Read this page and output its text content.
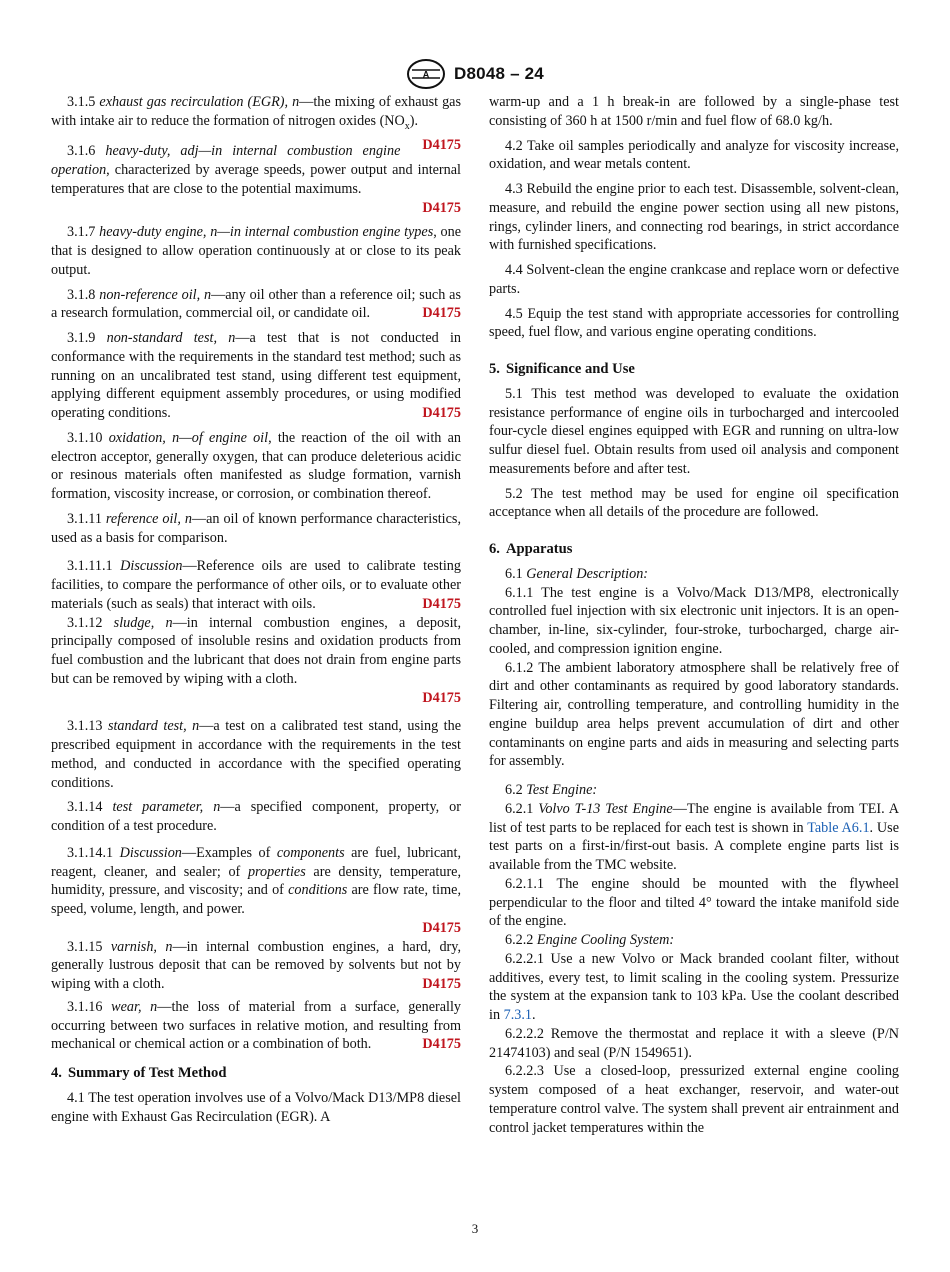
A D8048 – 24

3.1.5 exhaust gas recirculation (EGR), n—the mixing of exhaust gas with intake air to reduce the formation of nitrogen oxides $(NO_x)$.
D4175

3.1.6 heavy-duty, adj—in internal combustion engine operation, characterized by average speeds, power output and internal temperatures that are close to the potential maximums.

D4175

3.1.7 heavy-duty engine, n—in internal combustion engine types, one that is designed to allow operation continuously at or close to its peak output.

3.1.8 non-reference oil, n—any oil other than a reference oil; such as a research formulation, commercial oil, or candidate oil.	D4175

3.1.9 non-standard test, n—a test that is not conducted in conformance with the requirements in the standard test method; such as running on an uncalibrated test stand, using different test equipment, applying different equipment assembly procedures, or using modified operating conditions.	D4175

3.1.10 oxidation, n—of engine oil, the reaction of the oil with an electron acceptor, generally oxygen, that can produce deleterious acidic or resinous materials often manifested as sludge formation, varnish formation, viscosity increase, or corrosion, or combination thereof.

3.1.11 reference oil, n—an oil of known performance characteristics, used as a basis for comparison.

3.1.11.1 Discussion—Reference oils are used to calibrate testing facilities, to compare the performance of other oils, or to evaluate other materials (such as seals) that interact with oils.	D4175

3.1.12 sludge, n—in internal combustion engines, a deposit, principally composed of insoluble resins and oxidation products from fuel combustion and the lubricant that does not drain from engine parts but can be removed by wiping with a cloth.

D4175

3.1.13 standard test, n—a test on a calibrated test stand, using the prescribed equipment in accordance with the requirements in the test method, and conducted in accordance with the specified operating conditions.

3.1.14 test parameter, n—a specified component, property, or condition of a test procedure.

3.1.14.1 Discussion—Examples of components are fuel, lubricant, reagent, cleaner, and sealer; of properties are density, temperature, humidity, pressure, and viscosity; and of conditions are flow rate, time, speed, volume, length, and power.

D4175

3.1.15 varnish, n—in internal combustion engines, a hard, dry, generally lustrous deposit that can be removed by solvents but not by wiping with a cloth.	D4175

3.1.16 wear, n—the loss of material from a surface, generally occurring between two surfaces in relative motion, and resulting from mechanical or chemical action or a combination of both.	D4175

4. Summary of Test Method

4.1 The test operation involves use of a Volvo/Mack D13/MP8 diesel engine with Exhaust Gas Recirculation (EGR). A

warm-up and a 1 h break-in are followed by a single-phase test consisting of 360 h at 1500 r/min and fuel flow of 68.0 kg/h.

4.2 Take oil samples periodically and analyze for viscosity increase, oxidation, and wear metals content.

4.3 Rebuild the engine prior to each test. Disassemble, solvent-clean, measure, and rebuild the engine power section using all new pistons, rings, cylinder liners, and connecting rod bearings, in strict accordance with furnished specifications.

4.4 Solvent-clean the engine crankcase and replace worn or defective parts.

4.5 Equip the test stand with appropriate accessories for controlling speed, fuel flow, and various engine operating conditions.

5. Significance and Use

5.1 This test method was developed to evaluate the oxidation resistance performance of engine oils in turbocharged and intercooled four-cycle diesel engines equipped with EGR and running on ultra-low sulfur diesel fuel. Obtain results from used oil analysis and component measurements before and after test.

5.2 The test method may be used for engine oil specification acceptance when all details of the procedure are followed.

6. Apparatus

6.1 General Description:

6.1.1 The test engine is a Volvo/Mack D13/MP8, electronically controlled fuel injection with six electronic unit injectors. It is an open-chamber, in-line, six-cylinder, four-stroke, turbocharged, charge air-cooled, and compression ignition engine.

6.1.2 The ambient laboratory atmosphere shall be relatively free of dirt and other contaminants as required by good laboratory standards. Filtering air, controlling temperature, and controlling humidity in the engine buildup area helps prevent accumulation of dirt and other contaminants on engine parts and aids in measuring and selecting parts for assembly.

6.2 Test Engine:

6.2.1 Volvo T-13 Test Engine—The engine is available from TEI. A list of test parts to be replaced for each test is shown in Table A6.1. Use test parts on a first-in/first-out basis. A complete engine parts list is available from the TMC website.

6.2.1.1 The engine should be mounted with the flywheel perpendicular to the floor and tilted 4° toward the intake manifold side of the engine.

6.2.2 Engine Cooling System:

6.2.2.1 Use a new Volvo or Mack branded coolant filter, without additives, every test, to limit scaling in the cooling system. Pressurize the system at the expansion tank to 103 kPa. Use the coolant described in 7.3.1.

6.2.2.2 Remove the thermostat and replace it with a sleeve (P/N 21474103) and seal (P/N 1549651).

6.2.2.3 Use a closed-loop, pressurized external engine cooling system composed of a heat exchanger, reservoir, and water-out temperature control valve. The system shall prevent air entrainment and control jacket temperatures within the

3
